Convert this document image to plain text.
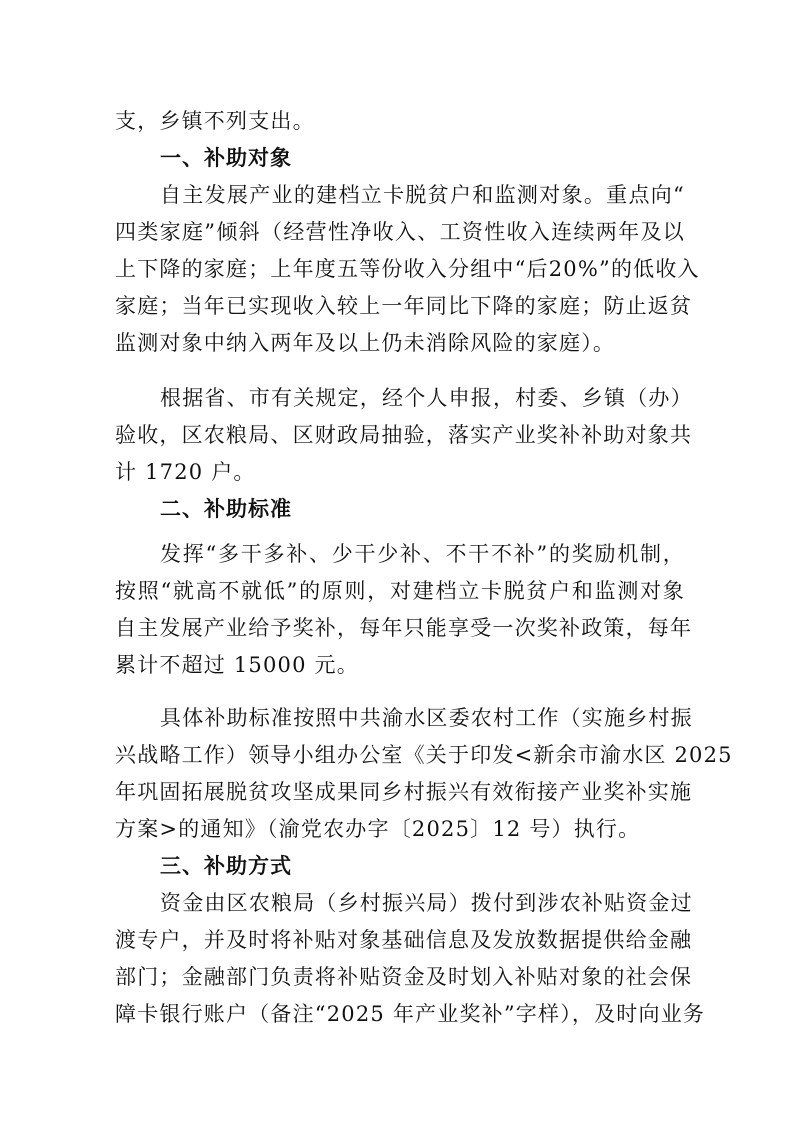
支，乡镇不列支出。
一、补助对象
自主发展产业的建档立卡脱贫户和监测对象。重点向“
四类家庭”倾斜（经营性净收入、工资性收入连续两年及以
上下降的家庭；上年度五等份收入分组中“后20%”的低收入
家庭；当年已实现收入较上一年同比下降的家庭；防止返贫
监测对象中纳入两年及以上仍未消除风险的家庭）。
根据省、市有关规定，经个人申报，村委、乡镇（办）
验收，区农粮局、区财政局抽验，落实产业奖补补助对象共
计 1720 户。
二、补助标准
发挥“多干多补、少干少补、不干不补”的奖励机制，
按照“就高不就低”的原则，对建档立卡脱贫户和监测对象
自主发展产业给予奖补，每年只能享受一次奖补政策，每年
累计不超过 15000 元。
具体补助标准按照中共渝水区委农村工作（实施乡村振
兴战略工作）领导小组办公室《关于印发<新余市渝水区 2025
年巩固拓展脱贫攻坚成果同乡村振兴有效衔接产业奖补实施
方案>的通知》（渝党农办字〔2025〕12 号）执行。
三、补助方式
资金由区农粮局（乡村振兴局）拨付到涉农补贴资金过
渡专户，并及时将补贴对象基础信息及发放数据提供给金融
部门；金融部门负责将补贴资金及时划入补贴对象的社会保
障卡银行账户（备注“2025 年产业奖补”字样），及时向业务
